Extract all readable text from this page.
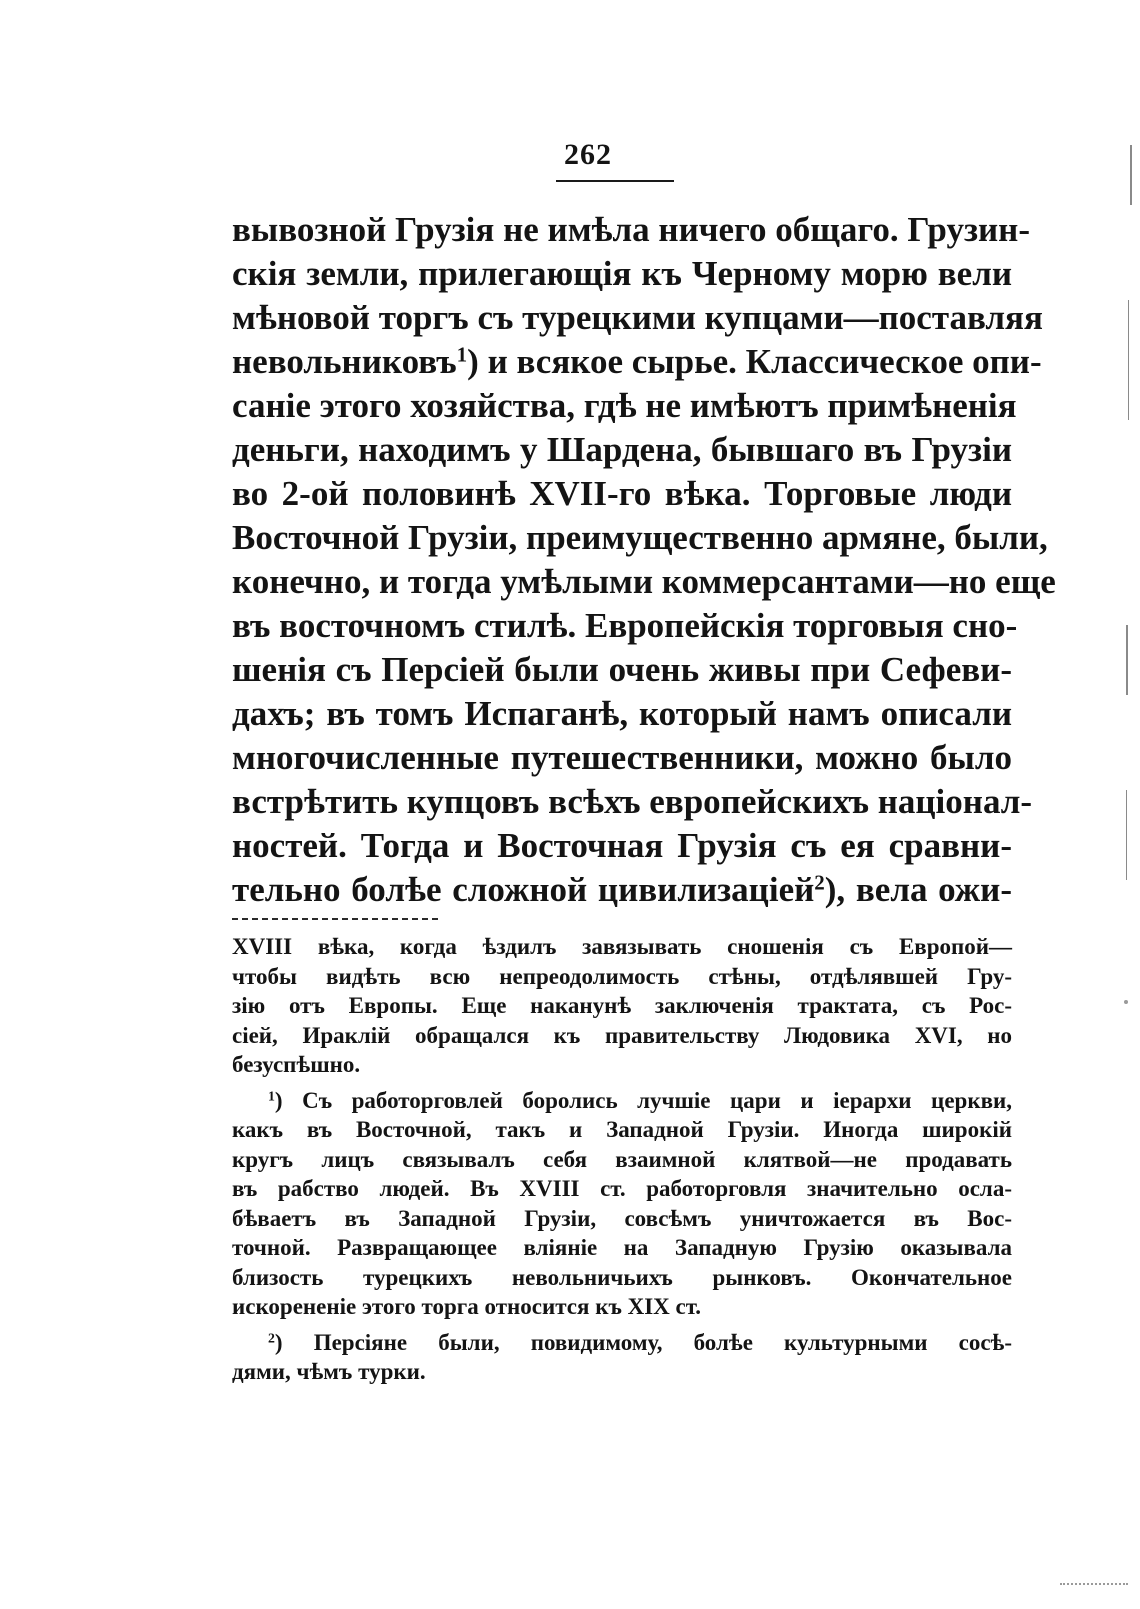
262
вывозной Грузія не имѣла ничего общаго. Грузин-
скія земли, прилегающія къ Черному морю вели
мѣновой торгъ съ турецкими купцами—поставляя
невольниковъ$^1$) и всякое сырье. Классическое опи-
саніе этого хозяйства, гдѣ не имѣютъ примѣненія
деньги, находимъ у Шардена, бывшаго въ Грузіи
во 2-ой половинѣ XVII-го вѣка. Торговые люди
Восточной Грузіи, преимущественно армяне, были,
конечно, и тогда умѣлыми коммерсантами—но еще
въ восточномъ стилѣ. Европейскія торговыя сно-
шенія съ Персіей были очень живы при Сефеви-
дахъ; въ томъ Испаганѣ, который намъ описали
многочисленные путешественники, можно было
встрѣтить купцовъ всѣхъ европейскихъ націонал-
ностей. Тогда и Восточная Грузія съ ея сравни-
тельно болѣе сложной цивилизаціей$^2$), вела ожи-
XVIII вѣка, когда ѣздилъ завязывать сношенія съ Европой—
чтобы видѣть всю непреодолимость стѣны, отдѣлявшей Гру-
зію отъ Европы. Еще наканунѣ заключенія трактата, съ Рос-
сіей, Ираклій обращался къ правительству Людовика XVI, но
безуспѣшно.
$^1$) Съ работорговлей боролись лучшіе цари и іерархи церкви,
какъ въ Восточной, такъ и Западной Грузіи. Иногда широкій
кругъ лицъ связывалъ себя взаимной клятвой—не продавать
въ рабство людей. Въ XVIII ст. работорговля значительно осла-
бѣваетъ въ Западной Грузіи, совсѣмъ уничтожается въ Вос-
точной. Развращающее вліяніе на Западную Грузію оказывала
близость турецкихъ невольничьихъ рынковъ. Окончательное
искорененіе этого торга относится къ XIX ст.
$^2$) Персіяне были, повидимому, болѣе культурными сосѣ-
дями, чѣмъ турки.
